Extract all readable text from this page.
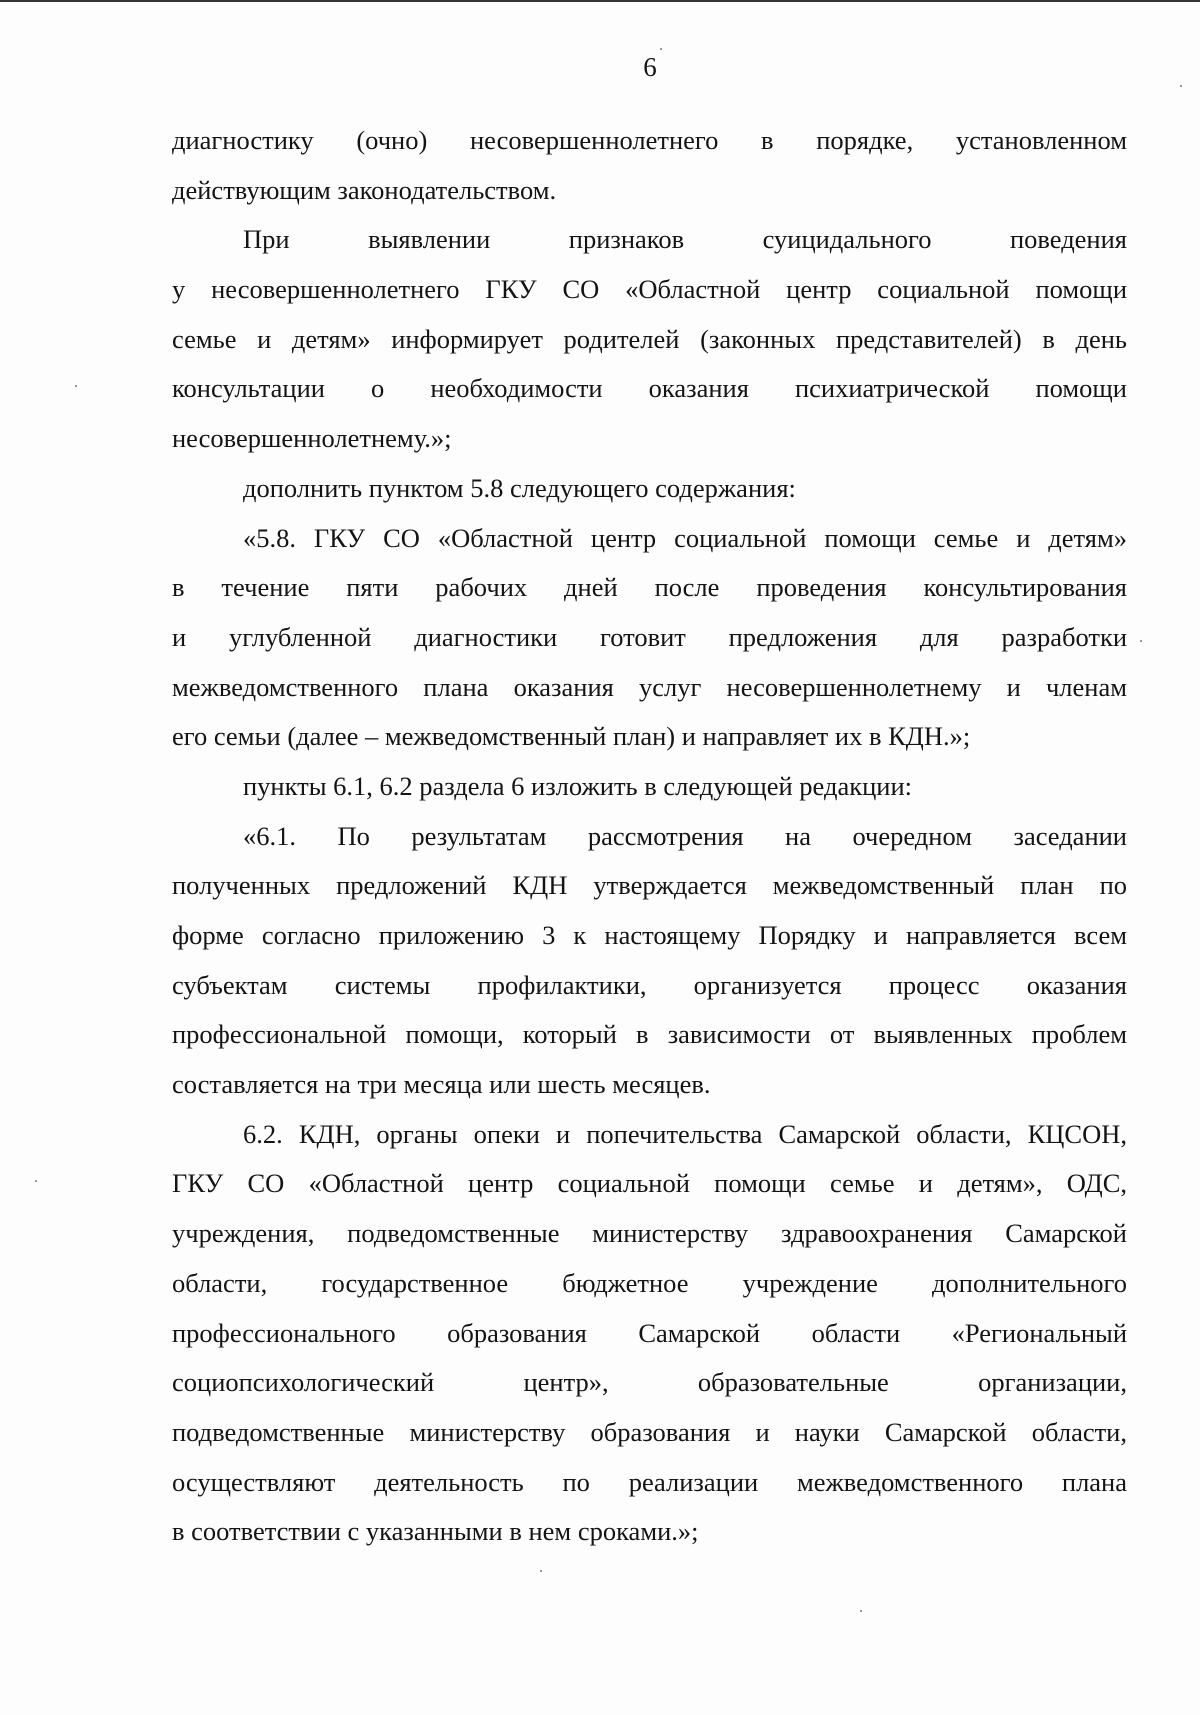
6
диагностику (очно) несовершеннолетнего в порядке, установленном
действующим законодательством.
При выявлении признаков суицидального поведения
у несовершеннолетнего ГКУ СО «Областной центр социальной помощи
семье и детям» информирует родителей (законных представителей) в день
консультации о необходимости оказания психиатрической помощи
несовершеннолетнему.»;
дополнить пунктом 5.8 следующего содержания:
«5.8. ГКУ СО «Областной центр социальной помощи семье и детям»
в течение пяти рабочих дней после проведения консультирования
и углубленной диагностики готовит предложения для разработки
межведомственного плана оказания услуг несовершеннолетнему и членам
его семьи (далее – межведомственный план) и направляет их в КДН.»;
пункты 6.1, 6.2 раздела 6 изложить в следующей редакции:
«6.1. По результатам рассмотрения на очередном заседании
полученных предложений КДН утверждается межведомственный план по
форме согласно приложению 3 к настоящему Порядку и направляется всем
субъектам системы профилактики, организуется процесс оказания
профессиональной помощи, который в зависимости от выявленных проблем
составляется на три месяца или шесть месяцев.
6.2. КДН, органы опеки и попечительства Самарской области, КЦСОН,
ГКУ СО «Областной центр социальной помощи семье и детям», ОДС,
учреждения, подведомственные министерству здравоохранения Самарской
области, государственное бюджетное учреждение дополнительного
профессионального образования Самарской области «Региональный
социопсихологический центр», образовательные организации,
подведомственные министерству образования и науки Самарской области,
осуществляют деятельность по реализации межведомственного плана
в соответствии с указанными в нем сроками.»;
